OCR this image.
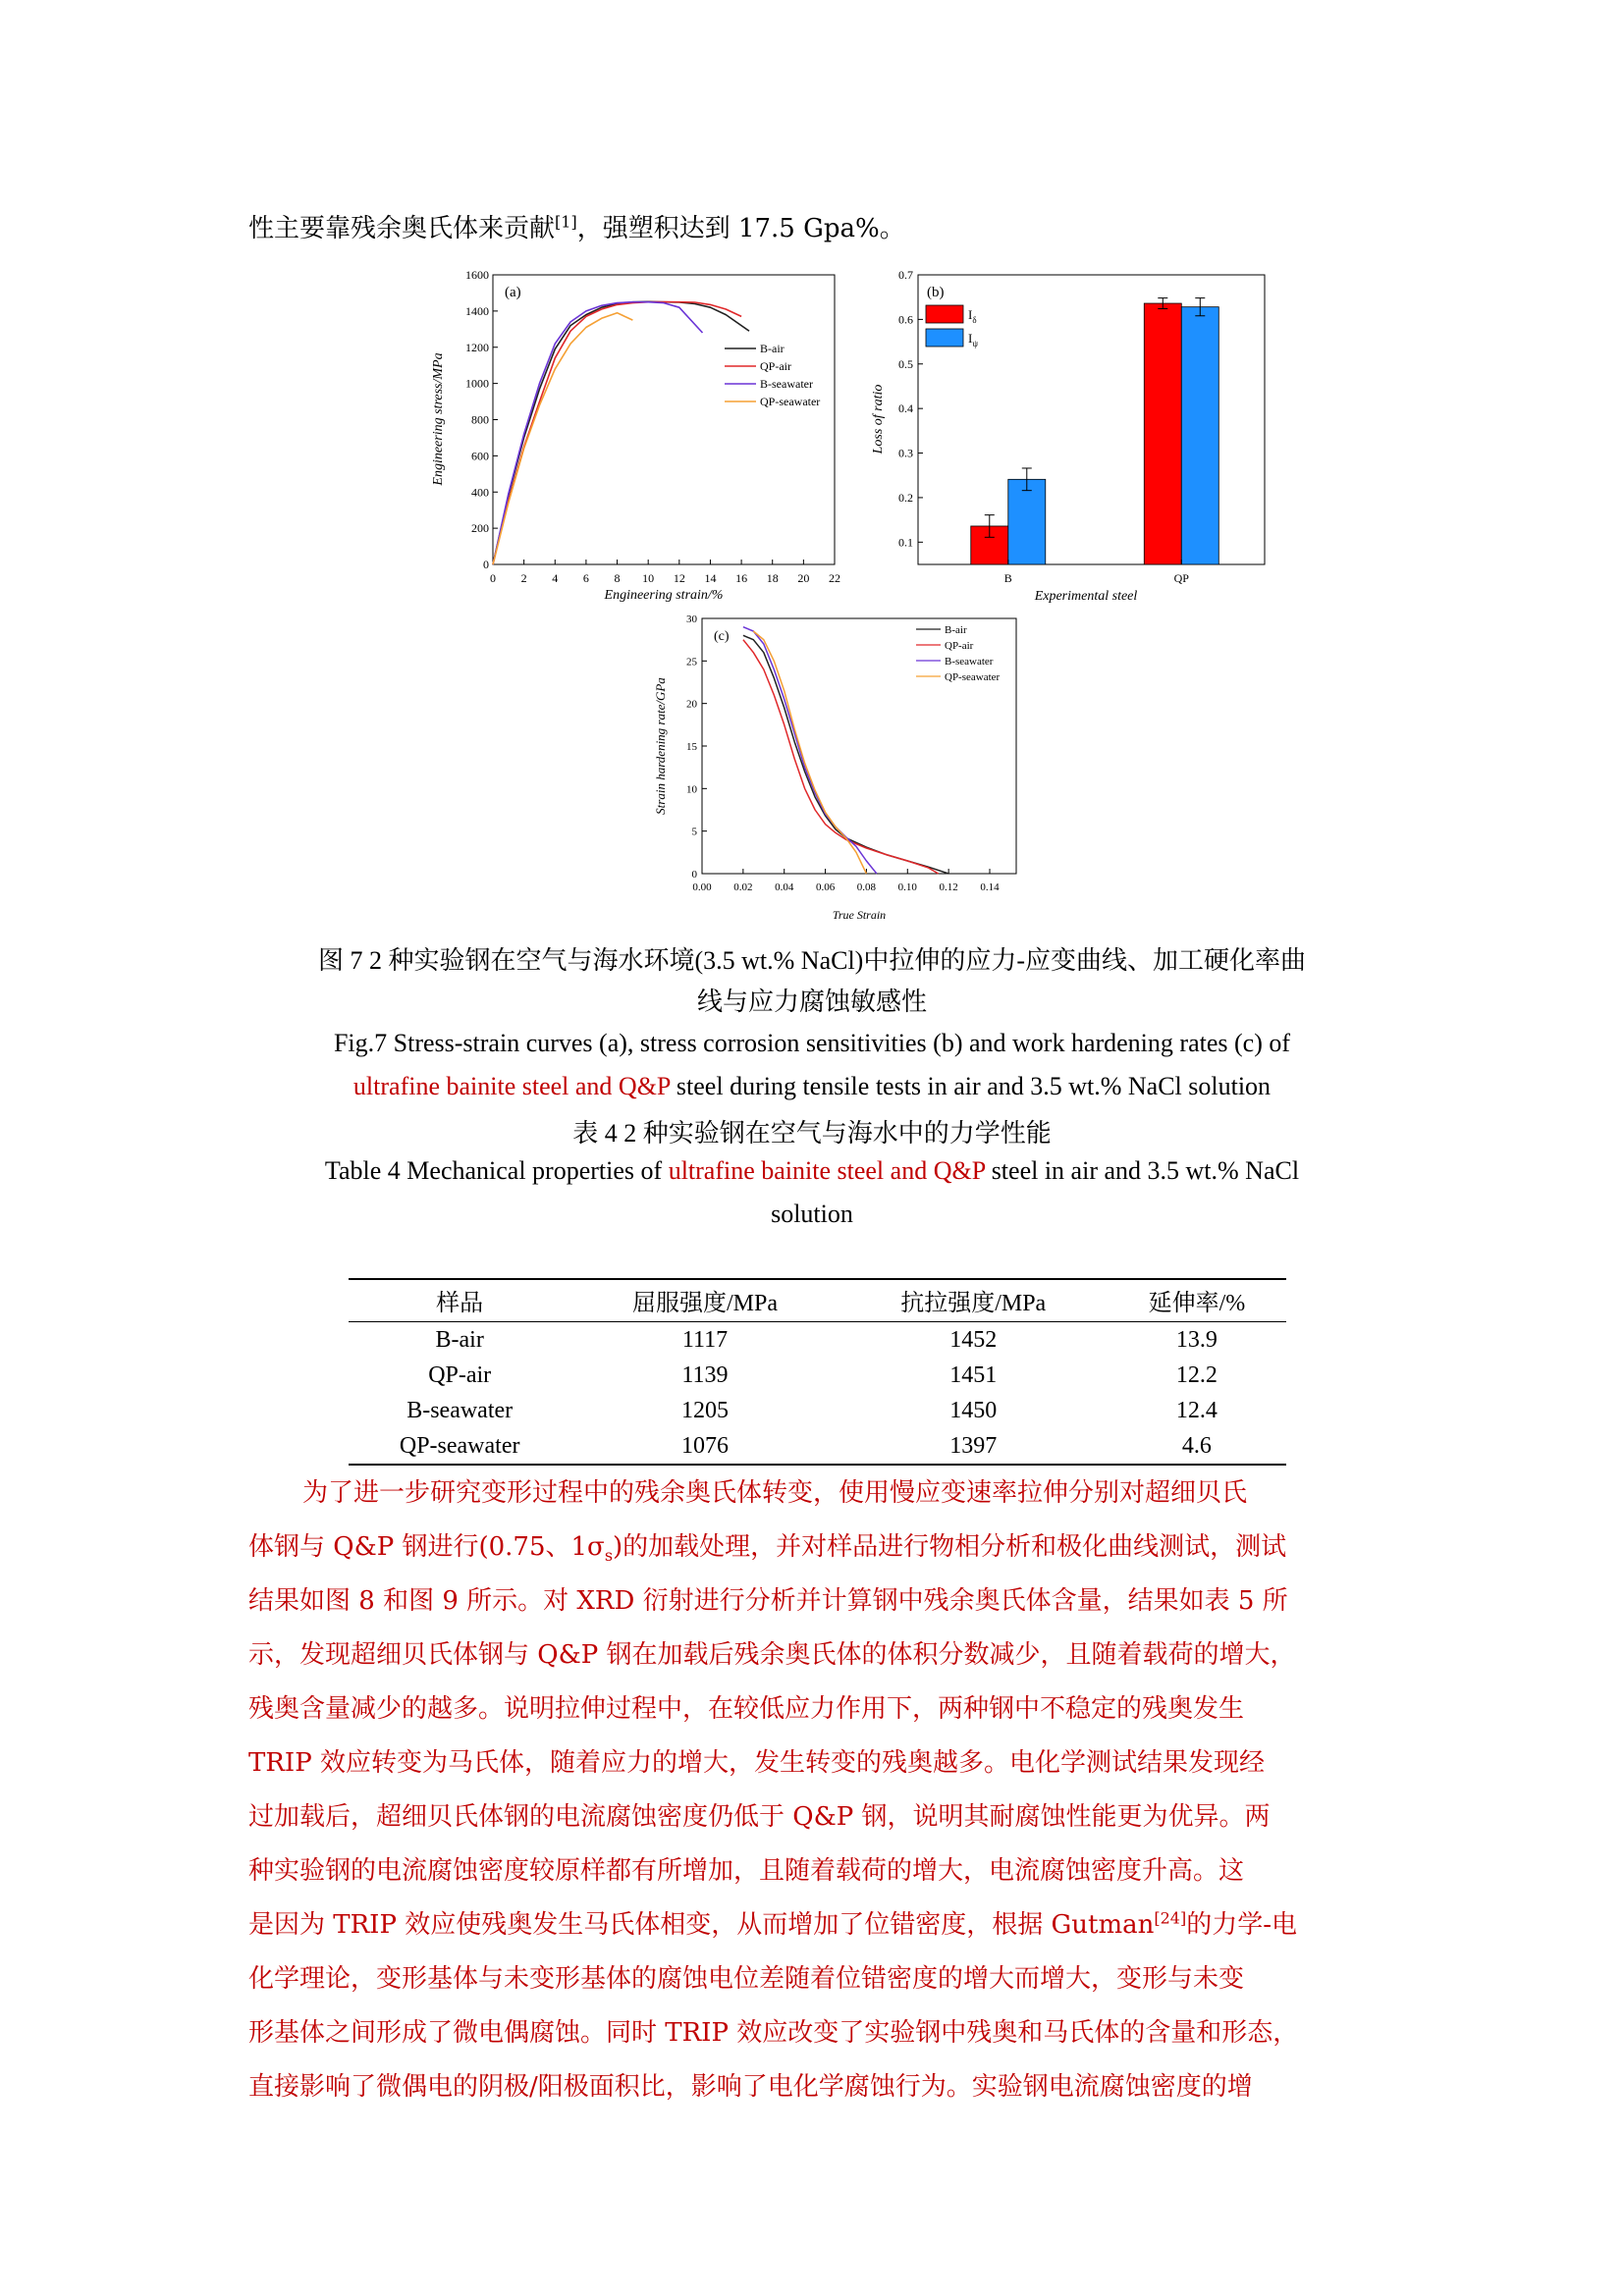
性主要靠残余奥氏体来贡献[1]，强塑积达到 17.5 Gpa%。
(a)
0 2 4 6 8 10 12 14 16 18 20 22
0
200
400
600
800
1000
1200
1400
1600
B-air
QP-air
B-seawater
QP-seawater
Engineering strain/%
Engineering stress/MPa
(b)
0.1
0.2
0.3
0.4
0.5
0.6
0.7
B	QP
$I_\delta$
$I_\psi$
Experimental steel
Loss of ratio
(c)
0.00 0.02 0.04 0.06 0.08 0.10 0.12 0.14
0
5
10
15
20
25
30
B-air
QP-air
B-seawater
QP-seawater
True Strain
Strain hardening rate/GPa
图 7 2 种实验钢在空气与海水环境(3.5 wt.% NaCl)中拉伸的应力-应变曲线、加工硬化率曲
线与应力腐蚀敏感性
Fig.7 Stress-strain curves (a), stress corrosion sensitivities (b) and work hardening rates (c) of
ultrafine bainite steel and Q&P steel during tensile tests in air and 3.5 wt.% NaCl solution
表 4 2 种实验钢在空气与海水中的力学性能
Table 4 Mechanical properties of ultrafine bainite steel and Q&P steel in air and 3.5 wt.% NaCl
solution
样品	屈服强度/MPa	抗拉强度/MPa	延伸率/%
B-air	1117	1452	13.9
QP-air	1139	1451	12.2
B-seawater	1205	1450	12.4
QP-seawater	1076	1397	4.6
为了进一步研究变形过程中的残余奥氏体转变，使用慢应变速率拉伸分别对超细贝氏
体钢与 Q&P 钢进行(0.75、$1\sigma_s$)的加载处理，并对样品进行物相分析和极化曲线测试，测试
结果如图 8 和图 9 所示。对 XRD 衍射进行分析并计算钢中残余奥氏体含量，结果如表 5 所
示，发现超细贝氏体钢与 Q&P 钢在加载后残余奥氏体的体积分数减少，且随着载荷的增大，
残奥含量减少的越多。说明拉伸过程中，在较低应力作用下，两种钢中不稳定的残奥发生
TRIP 效应转变为马氏体，随着应力的增大，发生转变的残奥越多。电化学测试结果发现经
过加载后，超细贝氏体钢的电流腐蚀密度仍低于 Q&P 钢，说明其耐腐蚀性能更为优异。两
种实验钢的电流腐蚀密度较原样都有所增加，且随着载荷的增大，电流腐蚀密度升高。这
是因为 TRIP 效应使残奥发生马氏体相变，从而增加了位错密度，根据 Gutman[24]的力学-电
化学理论，变形基体与未变形基体的腐蚀电位差随着位错密度的增大而增大，变形与未变
形基体之间形成了微电偶腐蚀。同时 TRIP 效应改变了实验钢中残奥和马氏体的含量和形态，
直接影响了微偶电的阴极/阳极面积比，影响了电化学腐蚀行为。实验钢电流腐蚀密度的增
